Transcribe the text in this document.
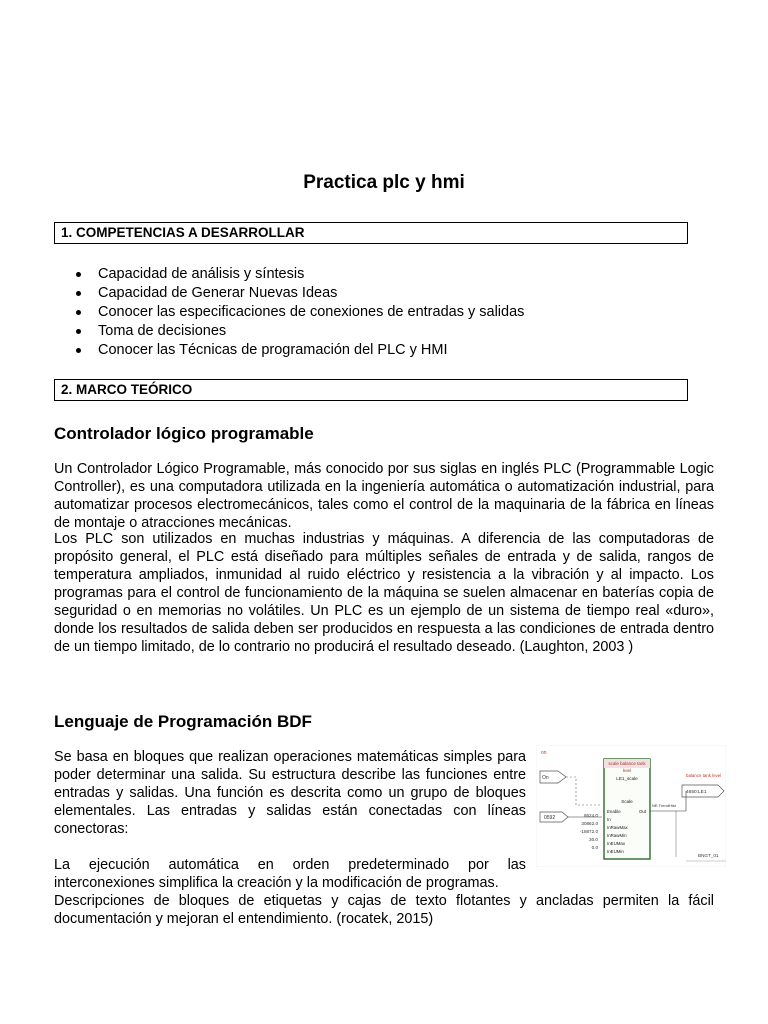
Practica plc y hmi
1. COMPETENCIAS A DESARROLLAR
Capacidad de análisis y síntesis
Capacidad de Generar Nuevas Ideas
Conocer las especificaciones de conexiones de entradas y salidas
Toma de decisiones
Conocer las Técnicas de programación del PLC y HMI
2. MARCO TEÓRICO
Controlador lógico programable

Un Controlador Lógico Programable, más conocido por sus siglas en inglés PLC (Programmable Logic Controller), es una computadora utilizada en la ingeniería automática o automatización industrial, para automatizar procesos electromecánicos, tales como el control de la maquinaria de la fábrica en líneas de montaje o atracciones mecánicas.

Los PLC son utilizados en muchas industrias y máquinas. A diferencia de las computadoras de propósito general, el PLC está diseñado para múltiples señales de entrada y de salida, rangos de temperatura ampliados, inmunidad al ruido eléctrico y resistencia a la vibración y al impacto. Los programas para el control de funcionamiento de la máquina se suelen almacenar en baterías copia de seguridad o en memorias no volátiles. Un PLC es un ejemplo de un sistema de tiempo real «duro», donde los resultados de salida deben ser producidos en respuesta a las condiciones de entrada dentro de un tiempo limitado, de lo contrario no producirá el resultado deseado. (Laughton, 2003 )

Lenguaje de Programación BDF

Se basa en bloques que realizan operaciones matemáticas simples para poder determinar una salida. Su estructura describe las funciones entre entradas y salidas. Una función es descrita como un grupo de bloques elementales. Las entradas y salidas están conectadas con líneas conectoras:

La ejecución automática en orden predeterminado por las interconexiones simplifica la creación y la modificación de programas.

Descripciones de bloques de etiquetas y cajas de texto flotantes y ancladas permiten la fácil documentación y mejoran el entendimiento. (rocatek, 2015)

on
On
0592	8524.0
30862.0
-18872.0
30.0
0.0
scale balance tank
level
LE1_scale
Scale
Enable
In
InRawMax
InRawMin
InEUMax
InEUMin
Out
NE.TrendHist
balance tank level
4650:LE1
BNGT_01
